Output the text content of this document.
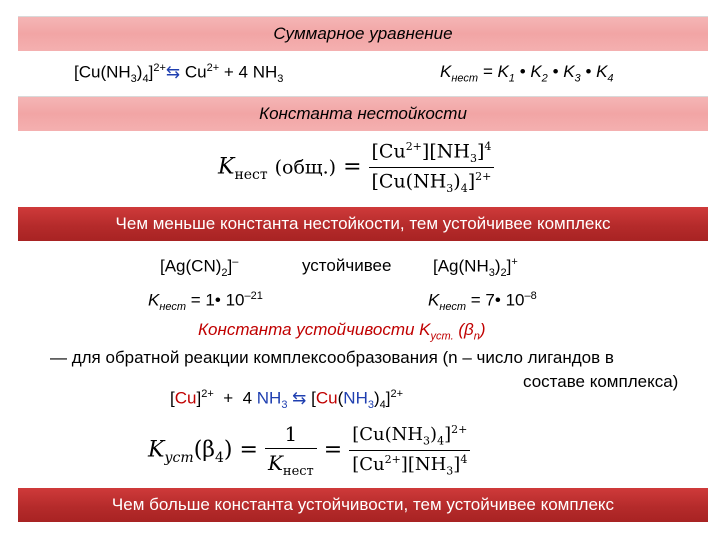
Суммарное уравнение
$[Cu(NH_3)_4]^{2+}⇆$ $Cu^{2+} + 4$ $NH_3$	$K_{нест} = K_1$ • $K_2$ • $K_3$ • $K_4$
Константа нестойкости
$K_{нест}$ $(общ.) = \frac{[Cu^{2+}][NH_3]^4}{[Cu(NH_3)_4]^{2+}}$
Чем меньше константа нестойкости, тем устойчивее комплекс
$[Ag(CN)_2]^-$	устойчивее $[Ag(NH_3)_2]^+$
$K_{нест}$ = 1• $10^{-21}$	$K_{нест}$ = 7• $10^{-8}$
Константа устойчивости $K_{уст.}$ $(\beta_n)$
— для обратной реакции комплексообразования (n – число лигандов в
составе комплекса)
$[Cu]^{2+} + 4$ $NH_3$ ⇆ $[Cu(NH_3)_4]^{2+}$
$K_{уст}(\beta_4) = \frac{1}{K_{нест}} = \frac{[Cu(NH_3)_4]^{2+}}{[Cu^{2+}][NH_3]^4}$
Чем больше константа устойчивости, тем устойчивее комплекс
